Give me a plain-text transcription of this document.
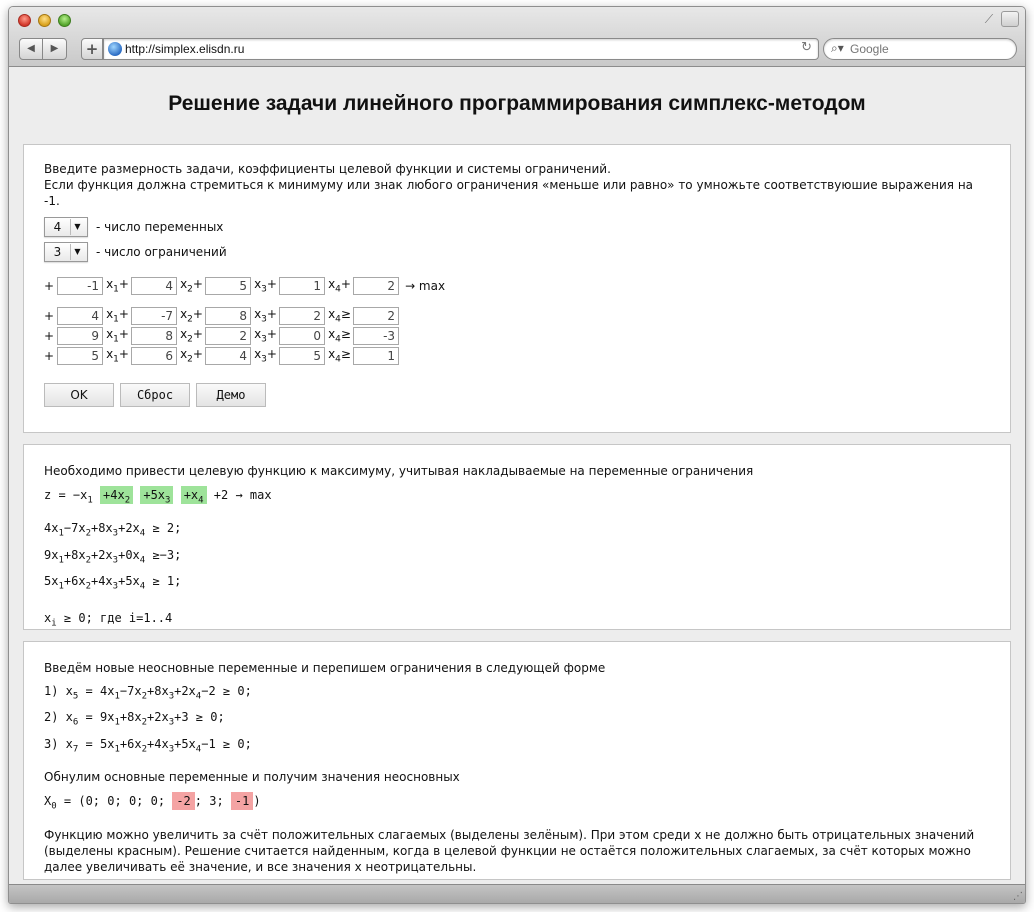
⟋
◀	▶	+	http://simplex.elisdn.ru	↻ ⌕▾
Google
Решение задачи линейного программирования симплекс-методом
Введите размерность задачи, коэффициенты целевой функции и системы ограничений.
Если функция должна стремиться к минимуму или знак любого ограничения «меньше или равно» то умножьте соответствуюшие выражения на -1.
4	▼ - число переменных
3	▼ - число ограничений
+
-1	$x_1+$
4	$x_2+$
5	$x_3+$
1	$x_4+$
2	→ max
+
4	$x_1+$
-7	$x_2+$
8	$x_3+$
2	$x_4\ge$
2
+
9	$x_1+$
8	$x_2+$
2	$x_3+$
0	$x_4\ge$
-3
+
5	$x_1+$
6	$x_2+$
4	$x_3+$
5	$x_4\ge$
1
OK	Сброс	Демо
Необходимо привести целевую функцию к максимуму, учитывая накладываемые на переменные ограничения
$z = -x_1 +4x_2 +5x_3 +x_4 +2 \to \max$
$4x_1-7x_2+8x_3+2x_4 \ge 2$;
$9x_1+8x_2+2x_3+0x_4 \ge-3$;
$5x_1+6x_2+4x_3+5x_4 \ge 1$;
$x_i \ge 0$; где i=1..4
Введём новые неосновные переменные и перепишем ограничения в следующей форме
1) $x_5 = 4x_1-7x_2+8x_3+2x_4-2 \ge 0$;
2) $x_6 = 9x_1+8x_2+2x_3+3 \ge 0$;
3) $x_7 = 5x_1+6x_2+4x_3+5x_4-1 \ge 0$;
Обнулим основные переменные и получим значения неосновных
$X_0 = (0$; 0; 0; 0; -2 ; 3; -1 )
Функцию можно увеличить за счёт положительных слагаемых (выделены зелёным). При этом среди x не должно быть отрицательных значений (выделены красным). Решение считается найденным, когда в целевой функции не остаётся положительных слагаемых, за счёт которых можно далее увеличивать её значение, и все значения x неотрицательны.
⋰
